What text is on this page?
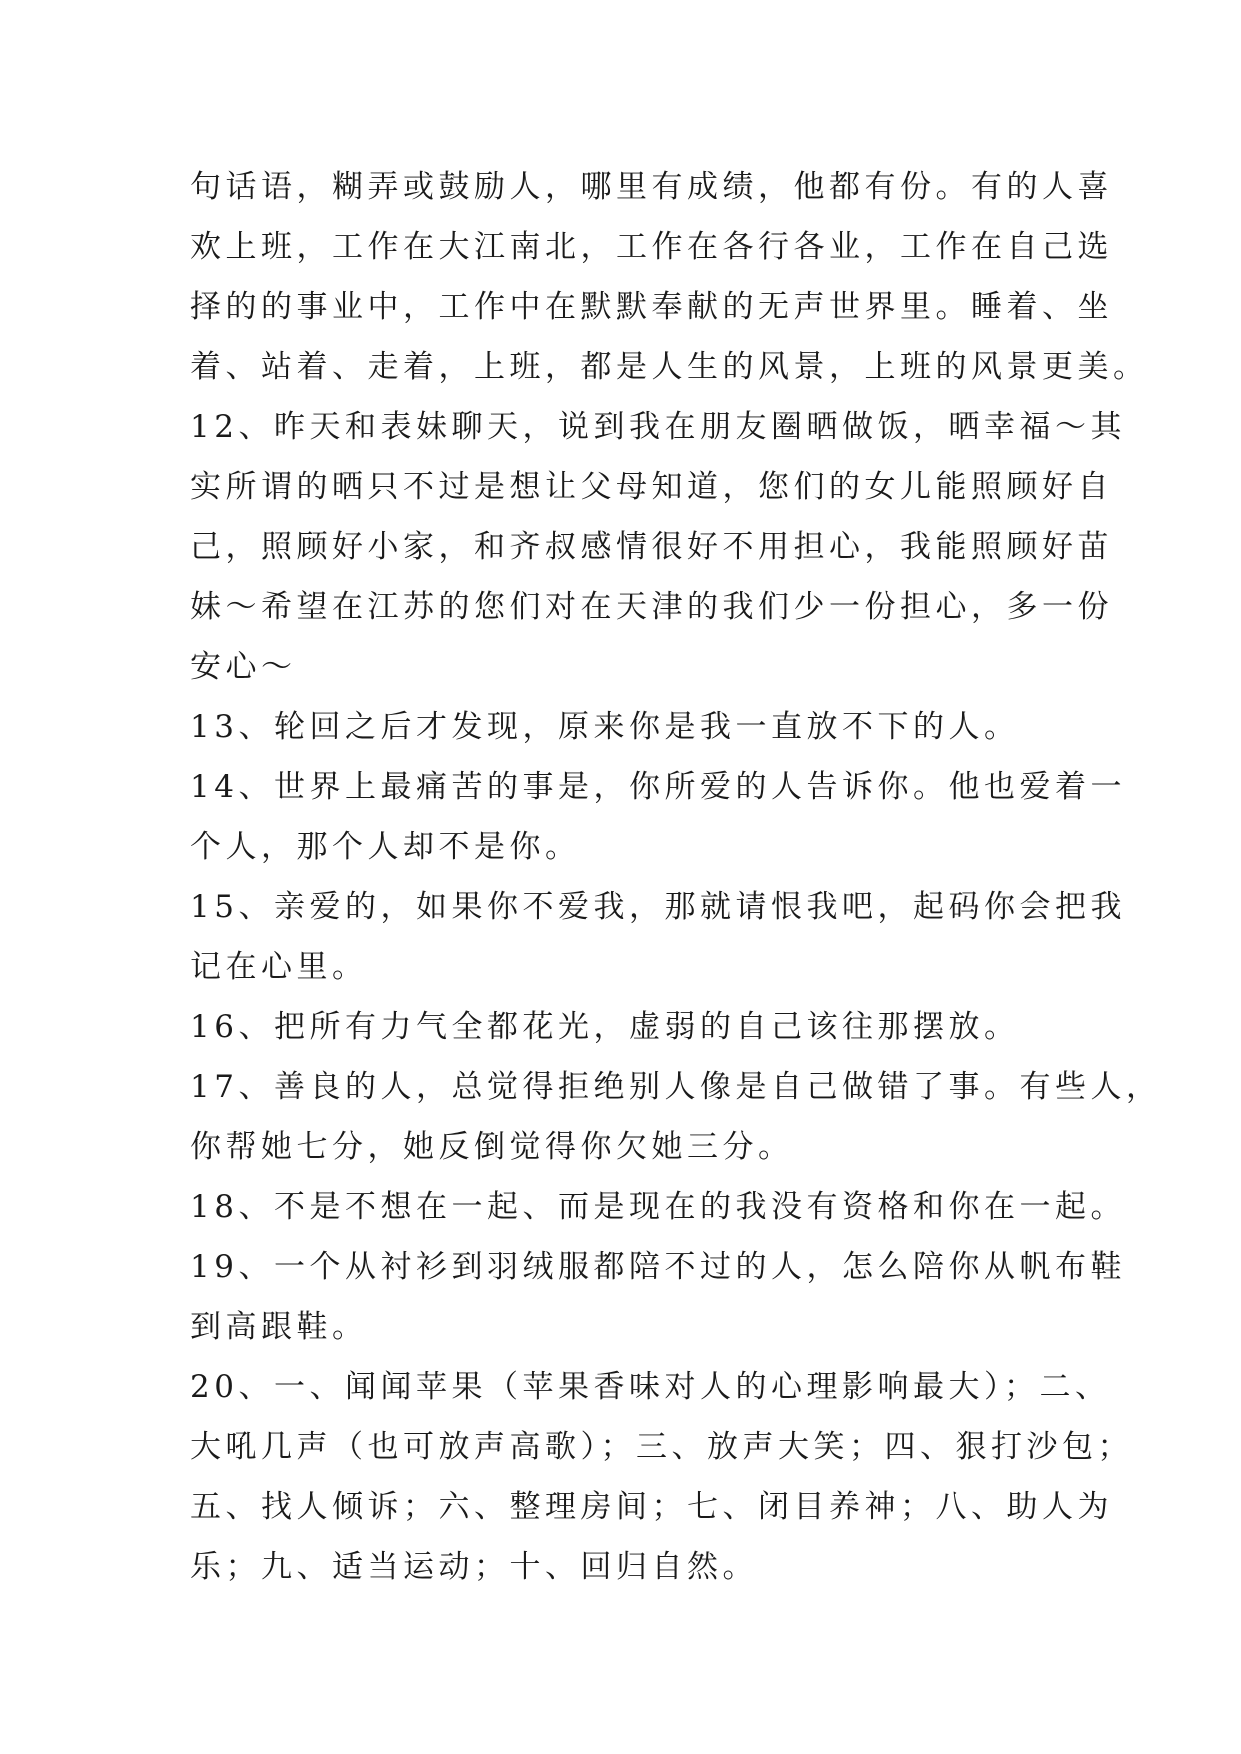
句话语，糊弄或鼓励人，哪里有成绩，他都有份。有的人喜
欢上班，工作在大江南北，工作在各行各业，工作在自己选
择的的事业中，工作中在默默奉献的无声世界里。睡着、坐
着、站着、走着，上班，都是人生的风景，上班的风景更美。
12、昨天和表妹聊天，说到我在朋友圈晒做饭，晒幸福～其
实所谓的晒只不过是想让父母知道，您们的女儿能照顾好自
己，照顾好小家，和齐叔感情很好不用担心，我能照顾好苗
妹～希望在江苏的您们对在天津的我们少一份担心，多一份
安心～
13、轮回之后才发现，原来你是我一直放不下的人。
14、世界上最痛苦的事是，你所爱的人告诉你。他也爱着一
个人，那个人却不是你。
15、亲爱的，如果你不爱我，那就请恨我吧，起码你会把我
记在心里。
16、把所有力气全都花光，虚弱的自己该往那摆放。
17、善良的人，总觉得拒绝别人像是自己做错了事。有些人，
你帮她七分，她反倒觉得你欠她三分。
18、不是不想在一起、而是现在的我没有资格和你在一起。
19、一个从衬衫到羽绒服都陪不过的人，怎么陪你从帆布鞋
到高跟鞋。
20、一、闻闻苹果（苹果香味对人的心理影响最大）；二、
大吼几声（也可放声高歌）；三、放声大笑；四、狠打沙包；
五、找人倾诉；六、整理房间；七、闭目养神；八、助人为
乐；九、适当运动；十、回归自然。
